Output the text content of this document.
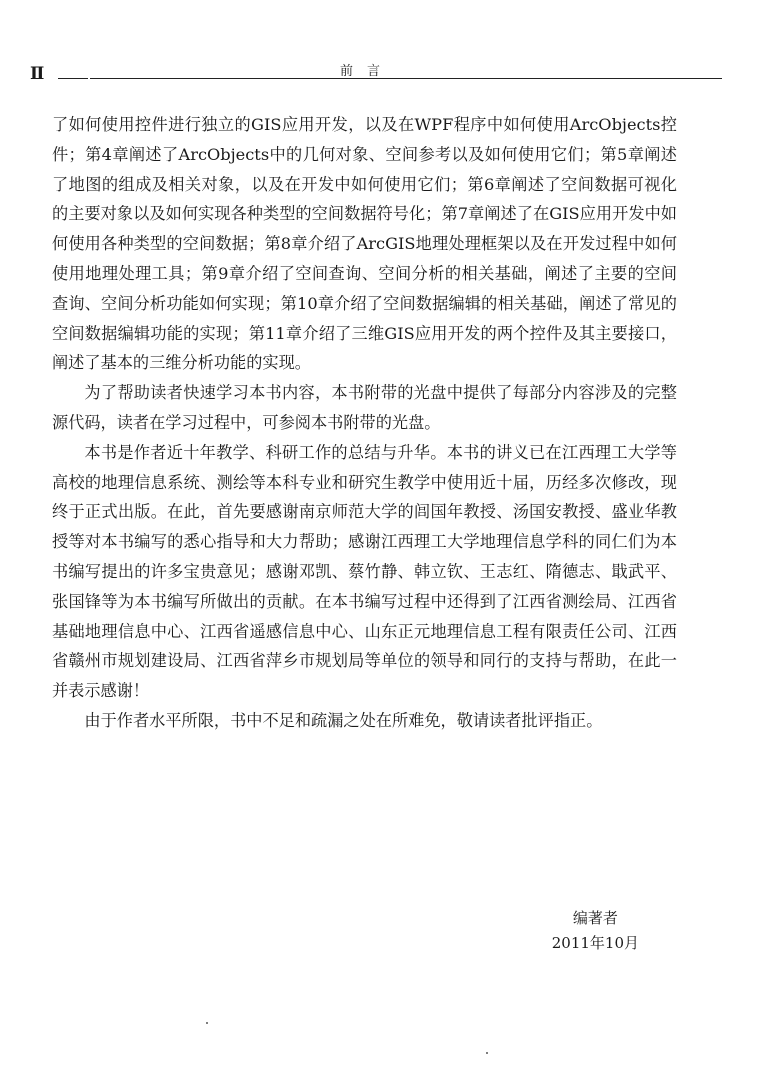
Ⅱ	前言

了如何使用控件进行独立的GIS应用开发，以及在WPF程序中如何使用ArcObjects控件；第4章阐述了ArcObjects中的几何对象、空间参考以及如何使用它们；第5章阐述了地图的组成及相关对象，以及在开发中如何使用它们；第6章阐述了空间数据可视化的主要对象以及如何实现各种类型的空间数据符号化；第7章阐述了在GIS应用开发中如何使用各种类型的空间数据；第8章介绍了ArcGIS地理处理框架以及在开发过程中如何使用地理处理工具；第9章介绍了空间查询、空间分析的相关基础，阐述了主要的空间查询、空间分析功能如何实现；第10章介绍了空间数据编辑的相关基础，阐述了常见的空间数据编辑功能的实现；第11章介绍了三维GIS应用开发的两个控件及其主要接口，阐述了基本的三维分析功能的实现。

为了帮助读者快速学习本书内容，本书附带的光盘中提供了每部分内容涉及的完整源代码，读者在学习过程中，可参阅本书附带的光盘。

本书是作者近十年教学、科研工作的总结与升华。本书的讲义已在江西理工大学等高校的地理信息系统、测绘等本科专业和研究生教学中使用近十届，历经多次修改，现终于正式出版。在此，首先要感谢南京师范大学的闾国年教授、汤国安教授、盛业华教授等对本书编写的悉心指导和大力帮助；感谢江西理工大学地理信息学科的同仁们为本书编写提出的许多宝贵意见；感谢邓凯、蔡竹静、韩立钦、王志红、隋德志、戢武平、张国锋等为本书编写所做出的贡献。在本书编写过程中还得到了江西省测绘局、江西省基础地理信息中心、江西省遥感信息中心、山东正元地理信息工程有限责任公司、江西省赣州市规划建设局、江西省萍乡市规划局等单位的领导和同行的支持与帮助，在此一并表示感谢！

由于作者水平所限，书中不足和疏漏之处在所难免，敬请读者批评指正。

编著者
2011年10月
